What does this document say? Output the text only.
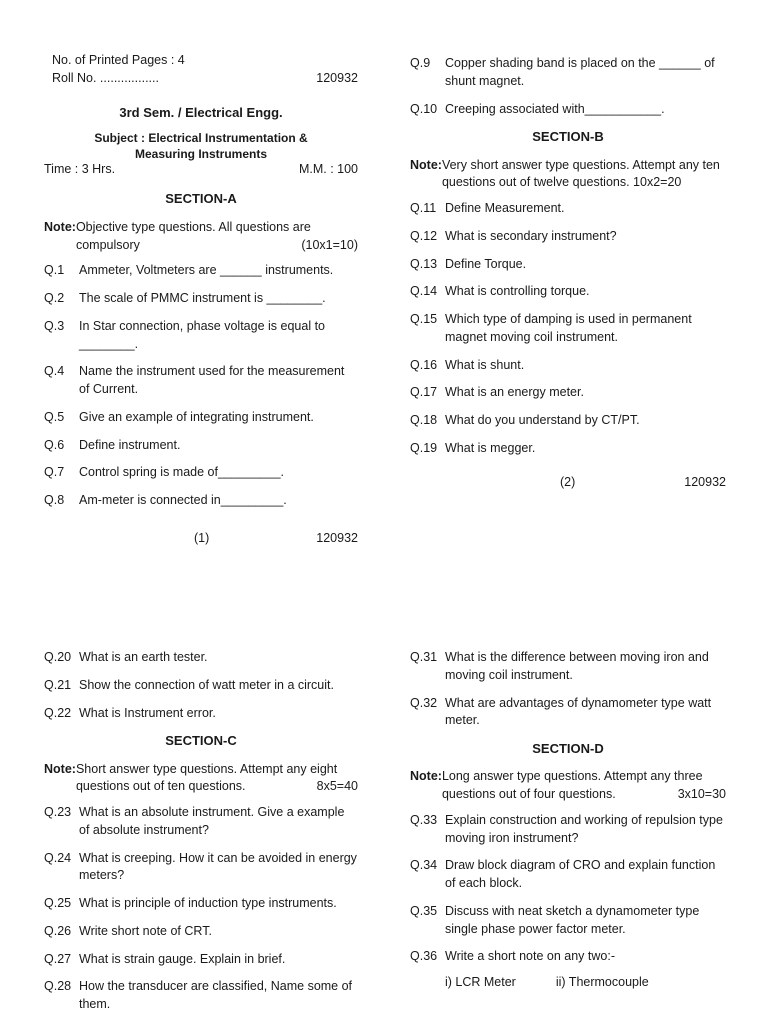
No. of Printed Pages : 4
Roll No. .................	120932
3rd Sem. / Electrical Engg.
Subject : Electrical Instrumentation &
Measuring Instruments
Time : 3 Hrs.	M.M. : 100
SECTION-A
Note: Objective type questions. All questions are compulsory	(10x1=10)
Q.1	Ammeter, Voltmeters are ______ instruments.
Q.2	The scale of PMMC instrument is ________.
Q.3	In Star connection, phase voltage is equal to ________.
Q.4	Name the instrument used for the measurement of Current.
Q.5	Give an example of integrating instrument.
Q.6	Define instrument.
Q.7	Control spring is made of_________.
Q.8	Am-meter is connected in_________.
(1)	120932
Q.9	Copper shading band is placed on the ______ of shunt magnet.
Q.10 Creeping associated with___________.
SECTION-B
Note: Very short answer type questions. Attempt any ten questions out of twelve questions. 10x2=20
Q.11 Define Measurement.
Q.12 What is secondary instrument?
Q.13 Define Torque.
Q.14 What is controlling torque.
Q.15 Which type of damping is used in permanent magnet moving coil instrument.
Q.16 What is shunt.
Q.17 What is an energy meter.
Q.18 What do you understand by CT/PT.
Q.19 What is megger.
(2)	120932
Q.20 What is an earth tester.
Q.21 Show the connection of watt meter in a circuit.
Q.22 What is Instrument error.
SECTION-C
Note: Short answer type questions. Attempt any eight questions out of ten questions.	8x5=40
Q.23 What is an absolute instrument. Give a example of absolute instrument?
Q.24 What is creeping. How it can be avoided in energy meters?
Q.25 What is principle of induction type instruments.
Q.26 Write short note of CRT.
Q.27 What is strain gauge. Explain in brief.
Q.28 How the transducer are classified, Name some of them.
Q.31 What is the difference between moving iron and moving coil instrument.
Q.32 What are advantages of dynamometer type watt meter.
SECTION-D
Note: Long answer type questions. Attempt any three questions out of four questions.	3x10=30
Q.33 Explain construction and working of repulsion type moving iron instrument?
Q.34 Draw block diagram of CRO and explain function of each block.
Q.35 Discuss with neat sketch a dynamometer type single phase power factor meter.
Q.36 Write a short note on any two:-
i) LCR Meter	ii) Thermocouple
